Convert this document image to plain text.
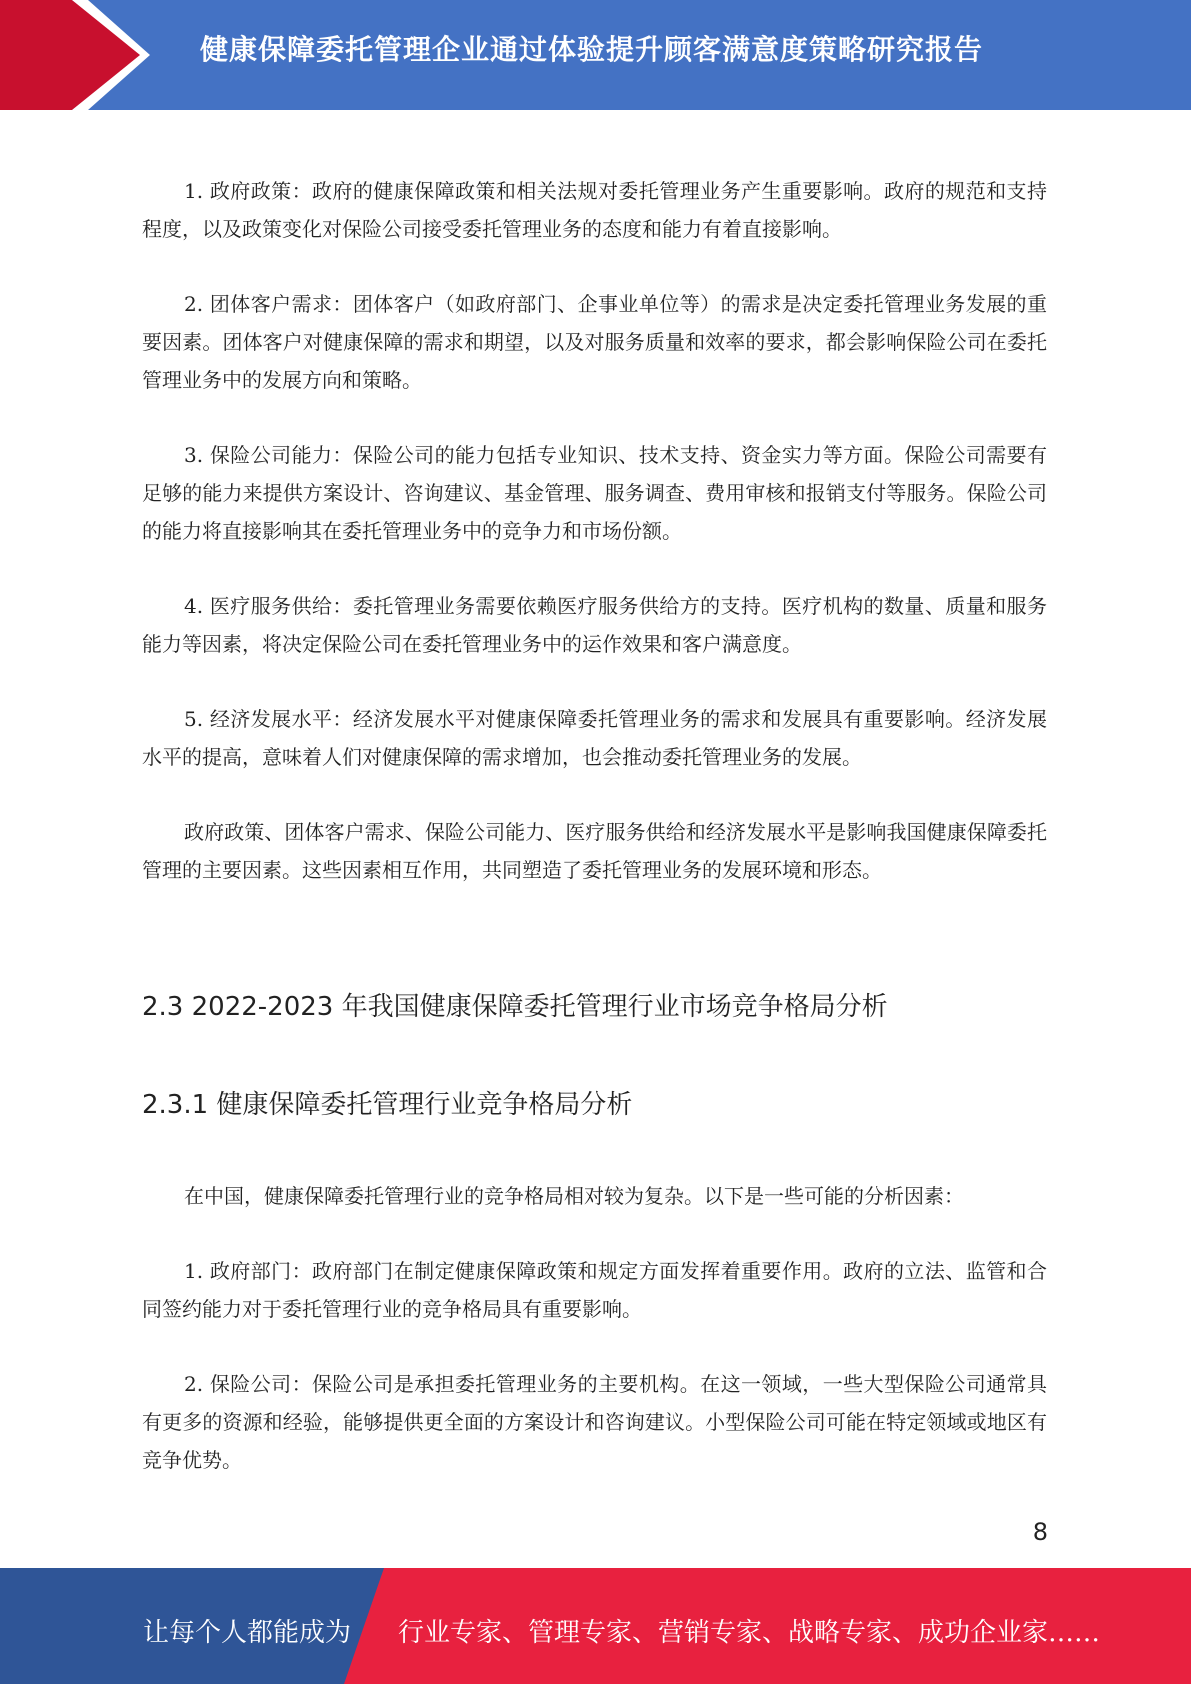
健康保障委托管理企业通过体验提升顾客满意度策略研究报告

1. 政府政策：政府的健康保障政策和相关法规对委托管理业务产生重要影响。政府的规范和支持程度，以及政策变化对保险公司接受委托管理业务的态度和能力有着直接影响。

2. 团体客户需求：团体客户（如政府部门、企事业单位等）的需求是决定委托管理业务发展的重要因素。团体客户对健康保障的需求和期望，以及对服务质量和效率的要求，都会影响保险公司在委托管理业务中的发展方向和策略。

3. 保险公司能力：保险公司的能力包括专业知识、技术支持、资金实力等方面。保险公司需要有足够的能力来提供方案设计、咨询建议、基金管理、服务调查、费用审核和报销支付等服务。保险公司的能力将直接影响其在委托管理业务中的竞争力和市场份额。

4. 医疗服务供给：委托管理业务需要依赖医疗服务供给方的支持。医疗机构的数量、质量和服务能力等因素，将决定保险公司在委托管理业务中的运作效果和客户满意度。

5. 经济发展水平：经济发展水平对健康保障委托管理业务的需求和发展具有重要影响。经济发展水平的提高，意味着人们对健康保障的需求增加，也会推动委托管理业务的发展。

政府政策、团体客户需求、保险公司能力、医疗服务供给和经济发展水平是影响我国健康保障委托管理的主要因素。这些因素相互作用，共同塑造了委托管理业务的发展环境和形态。

2.3 2022-2023 年我国健康保障委托管理行业市场竞争格局分析
2.3.1 健康保障委托管理行业竞争格局分析

在中国，健康保障委托管理行业的竞争格局相对较为复杂。以下是一些可能的分析因素：

1. 政府部门：政府部门在制定健康保障政策和规定方面发挥着重要作用。政府的立法、监管和合同签约能力对于委托管理行业的竞争格局具有重要影响。

2. 保险公司：保险公司是承担委托管理业务的主要机构。在这一领域，一些大型保险公司通常具有更多的资源和经验，能够提供更全面的方案设计和咨询建议。小型保险公司可能在特定领域或地区有竞争优势。

8
让每个人都能成为 行业专家、管理专家、营销专家、战略专家、成功企业家……
